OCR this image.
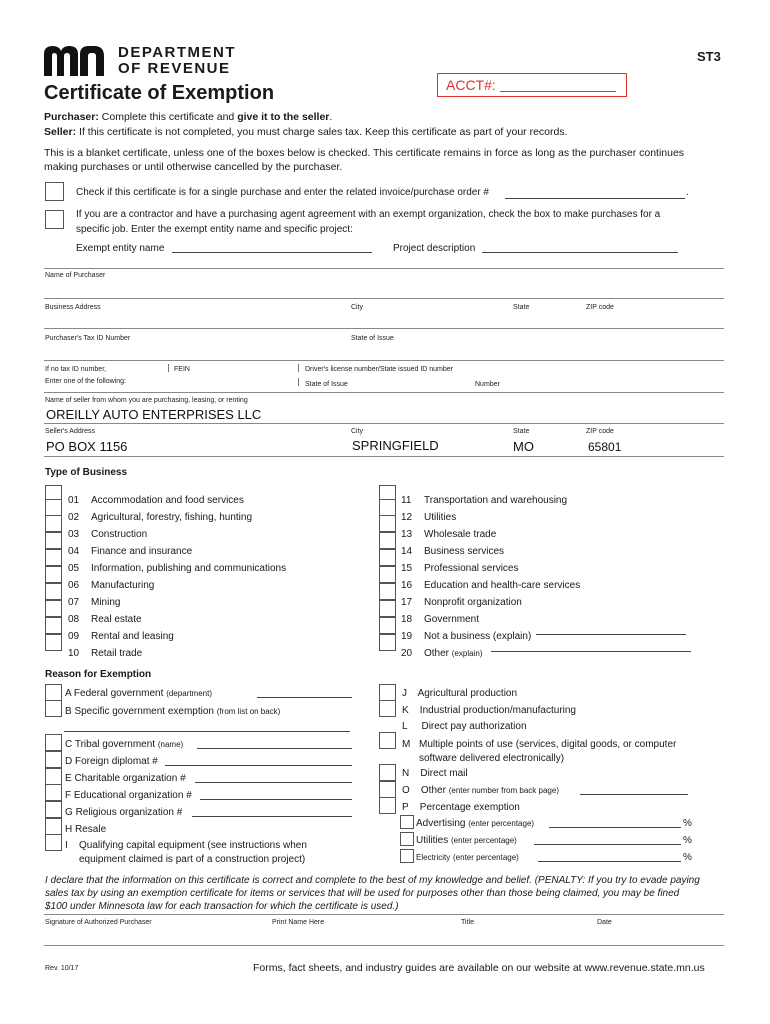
DEPARTMENT
OF REVENUE
ST3
ACCT#:
Certificate of Exemption
Purchaser: Complete this certificate and give it to the seller.
Seller: If this certificate is not completed, you must charge sales tax. Keep this certificate as part of your records.
This is a blanket certificate, unless one of the boxes below is checked. This certificate remains in force as long as the purchaser continues
making purchases or until otherwise cancelled by the purchaser.
Check if this certificate is for a single purchase and enter the related invoice/purchase order #	.
If you are a contractor and have a purchasing agent agreement with an exempt organization, check the box to make purchases for a
specific job. Enter the exempt entity name and specific project:
Exempt entity name	Project description
Name of Purchaser
Business Address	City	State	ZIP code
Purchaser's Tax ID Number	State of Issue
If no tax ID number,
Enter one of the following:
FEIN	Driver's license number/State issued ID number
State of Issue	Number
Name of seller from whom you are purchasing, leasing, or renting
OREILLY AUTO ENTERPRISES LLC
Seller's Address	City	State	ZIP code
PO BOX 1156	SPRINGFIELD	MO	65801
Type of Business
Reason for Exemption
A Federal government (department)
B Specific government exemption (from list on back)
C Tribal government (name)
D Foreign diplomat #
E Charitable organization #
F Educational organization #
G Religious organization #
H Resale
I Qualifying capital equipment (see instructions when
equipment claimed is part of a construction project)
J Agricultural production
K Industrial production/manufacturing
L Direct pay authorization
M Multiple points of use (services, digital goods, or computer
software delivered electronically)
N Direct mail
O Other (enter number from back page)
P Percentage exemption
Advertising (enter percentage)	%
Utilities (enter percentage)	%
Electricity (enter percentage)	%
I declare that the information on this certificate is correct and complete to the best of my knowledge and belief. (PENALTY: If you try to evade paying
sales tax by using an exemption certificate for items or services that will be used for purposes other than those being claimed, you may be fined
$100 under Minnesota law for each transaction for which the certificate is used.)
Signature of Authorized Purchaser	Print Name Here	Title	Date
Rev. 10/17	Forms, fact sheets, and industry guides are available on our website at www.revenue.state.mn.us
01 Accommodation and food services
02 Agricultural, forestry, fishing, hunting
03 Construction
04 Finance and insurance
05 Information, publishing and communications
06 Manufacturing
07 Mining
08 Real estate
09 Rental and leasing
10 Retail trade
11 Transportation and warehousing
12 Utilities
13 Wholesale trade
14 Business services
15 Professional services
16 Education and health-care services
17 Nonprofit organization
18 Government
19 Not a business (explain)
20 Other (explain)
